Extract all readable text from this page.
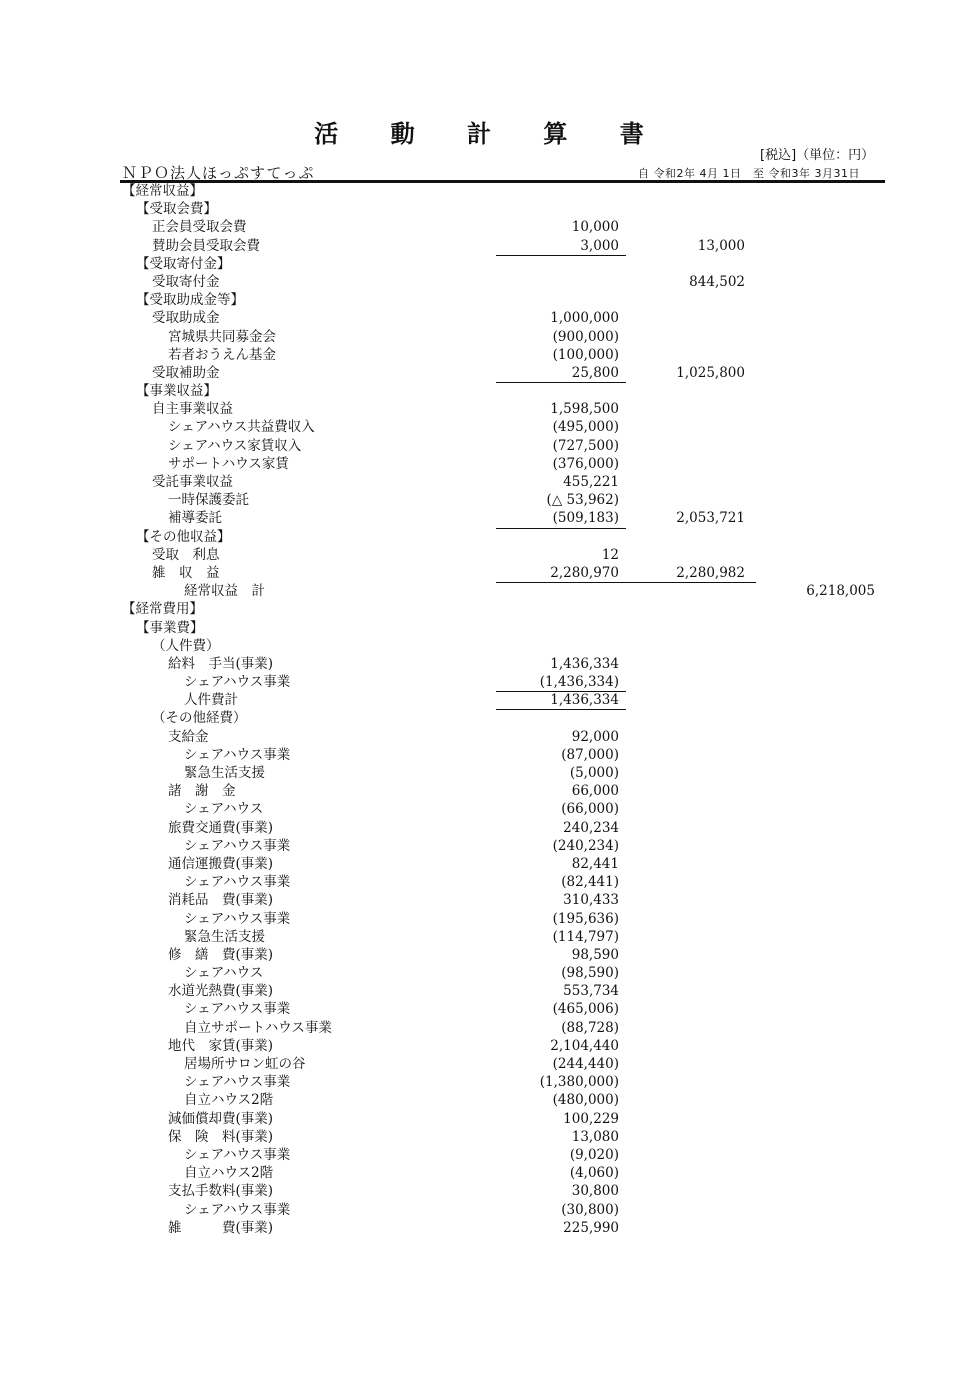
活 動 計 算 書
[税込]（単位：円）
ＮＰＯ法人ほっぷすてっぷ	自 令和2年 4月 1日　至 令和3年 3月31日
【経常収益】
【受取会費】
正会員受取会費	10,000
賛助会員受取会費	3,000	13,000
【受取寄付金】
受取寄付金	844,502
【受取助成金等】
受取助成金	1,000,000
宮城県共同募金会	(900,000)
若者おうえん基金	(100,000)
受取補助金	25,800	1,025,800
【事業収益】
自主事業収益	1,598,500
シェアハウス共益費収入	(495,000)
シェアハウス家賃収入	(727,500)
サポートハウス家賃	(376,000)
受託事業収益	455,221
一時保護委託	(△ 53,962)
補導委託	(509,183)	2,053,721
【その他収益】
受取　利息	12
雑　収　益	2,280,970	2,280,982
経常収益　計	6,218,005
【経常費用】
【事業費】
（人件費）
給料　手当(事業)	1,436,334
シェアハウス事業	(1,436,334)
人件費計	1,436,334
（その他経費）
支給金	92,000
シェアハウス事業	(87,000)
緊急生活支援	(5,000)
諸　謝　金	66,000
シェアハウス	(66,000)
旅費交通費(事業)	240,234
シェアハウス事業	(240,234)
通信運搬費(事業)	82,441
シェアハウス事業	(82,441)
消耗品　費(事業)	310,433
シェアハウス事業	(195,636)
緊急生活支援	(114,797)
修　繕　費(事業)	98,590
シェアハウス	(98,590)
水道光熱費(事業)	553,734
シェアハウス事業	(465,006)
自立サポートハウス事業	(88,728)
地代　家賃(事業)	2,104,440
居場所サロン虹の谷	(244,440)
シェアハウス事業	(1,380,000)
自立ハウス2階	(480,000)
減価償却費(事業)	100,229
保　険　料(事業)	13,080
シェアハウス事業	(9,020)
自立ハウス2階	(4,060)
支払手数料(事業)	30,800
シェアハウス事業	(30,800)
雑　　　費(事業)	225,990
